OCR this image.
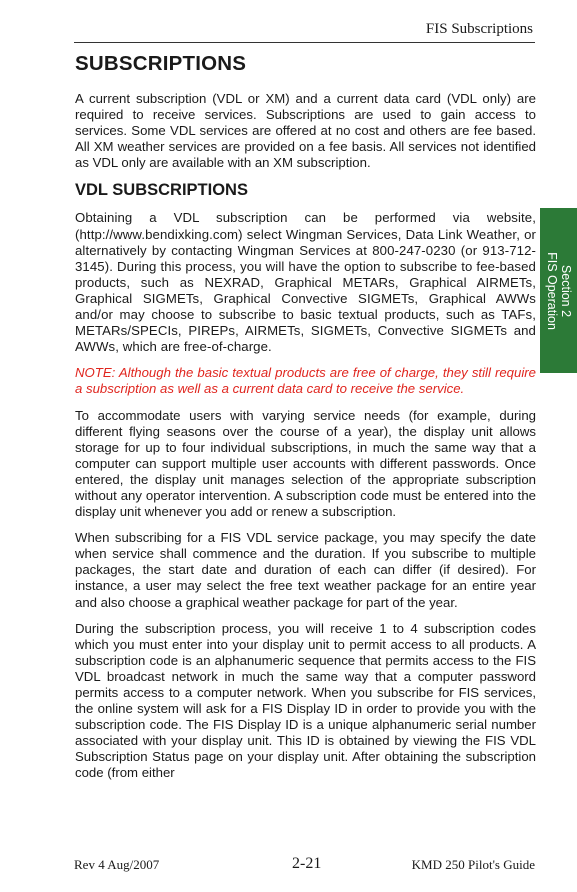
FIS Subscriptions
Section 2
FIS Operation
SUBSCRIPTIONS

A current subscription (VDL or XM) and a current data card (VDL only) are required to receive services. Subscriptions are used to gain access to services. Some VDL services are offered at no cost and others are fee based. All XM weather services are provided on a fee basis. All services not identified as VDL only are available with an XM subscription.

VDL SUBSCRIPTIONS

Obtaining a VDL subscription can be performed via website, (http://www.bendixking.com) select Wingman Services, Data Link Weather, or alternatively by contacting Wingman Services at 800-247-0230 (or 913-712-3145). During this process, you will have the option to subscribe to fee-based products, such as NEXRAD, Graphical METARs, Graphical AIRMETs, Graphical SIGMETs, Graphical Convective SIGMETs, Graphical AWWs and/or may choose to subscribe to basic textual products, such as TAFs, METARs/SPECIs, PIREPs, AIRMETs, SIGMETs, Convective SIGMETs and AWWs, which are free-of-charge.

NOTE: Although the basic textual products are free of charge, they still require a subscription as well as a current data card to receive the service.

To accommodate users with varying service needs (for example, during different flying seasons over the course of a year), the display unit allows storage for up to four individual subscriptions, in much the same way that a computer can support multiple user accounts with different passwords. Once entered, the display unit manages selection of the appropriate subscription without any operator intervention. A subscription code must be entered into the display unit whenever you add or renew a subscription.

When subscribing for a FIS VDL service package, you may specify the date when service shall commence and the duration. If you subscribe to multiple packages, the start date and duration of each can differ (if desired). For instance, a user may select the free text weather package for an entire year and also choose a graphical weather package for part of the year.

During the subscription process, you will receive 1 to 4 subscription codes which you must enter into your display unit to permit access to all products. A subscription code is an alphanumeric sequence that permits access to the FIS VDL broadcast network in much the same way that a computer password permits access to a computer network. When you subscribe for FIS services, the online system will ask for a FIS Display ID in order to provide you with the subscription code. The FIS Display ID is a unique alphanumeric serial number associated with your display unit. This ID is obtained by viewing the FIS VDL Subscription Status page on your display unit. After obtaining the subscription code (from either

Rev 4 Aug/2007	2-21	KMD 250 Pilot's Guide
